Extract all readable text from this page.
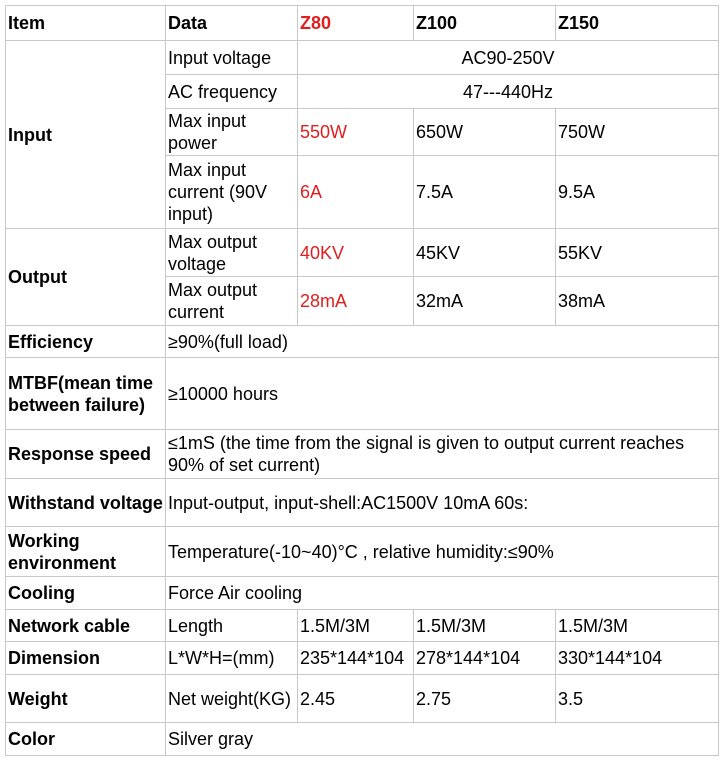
Item	Data	Z80	Z100	Z150
Input	Input voltage	AC90-250V		
	AC frequency	47---440Hz		
	Max input power	550W	650W	750W
	Max input current (90V input)	6A	7.5A	9.5A
Output	Max output voltage	40KV	45KV	55KV
	Max output current	28mA	32mA	38mA
Efficiency	≥90%(full load)			
MTBF(mean time between failure)	≥10000 hours			
Response speed	≤1mS (the time from the signal is given to output current reaches 90% of set current)			
Withstand voltage	Input-output, input-shell:AC1500V 10mA 60s:			
Working environment	Temperature(-10~40)°C , relative humidity:≤90%			
Cooling	Force Air cooling			
Network cable	Length	1.5M/3M	1.5M/3M	1.5M/3M
Dimension	L*W*H=(mm)	235*144*104	278*144*104	330*144*104
Weight	Net weight(KG)	2.45	2.75	3.5
Color	Silver gray			
